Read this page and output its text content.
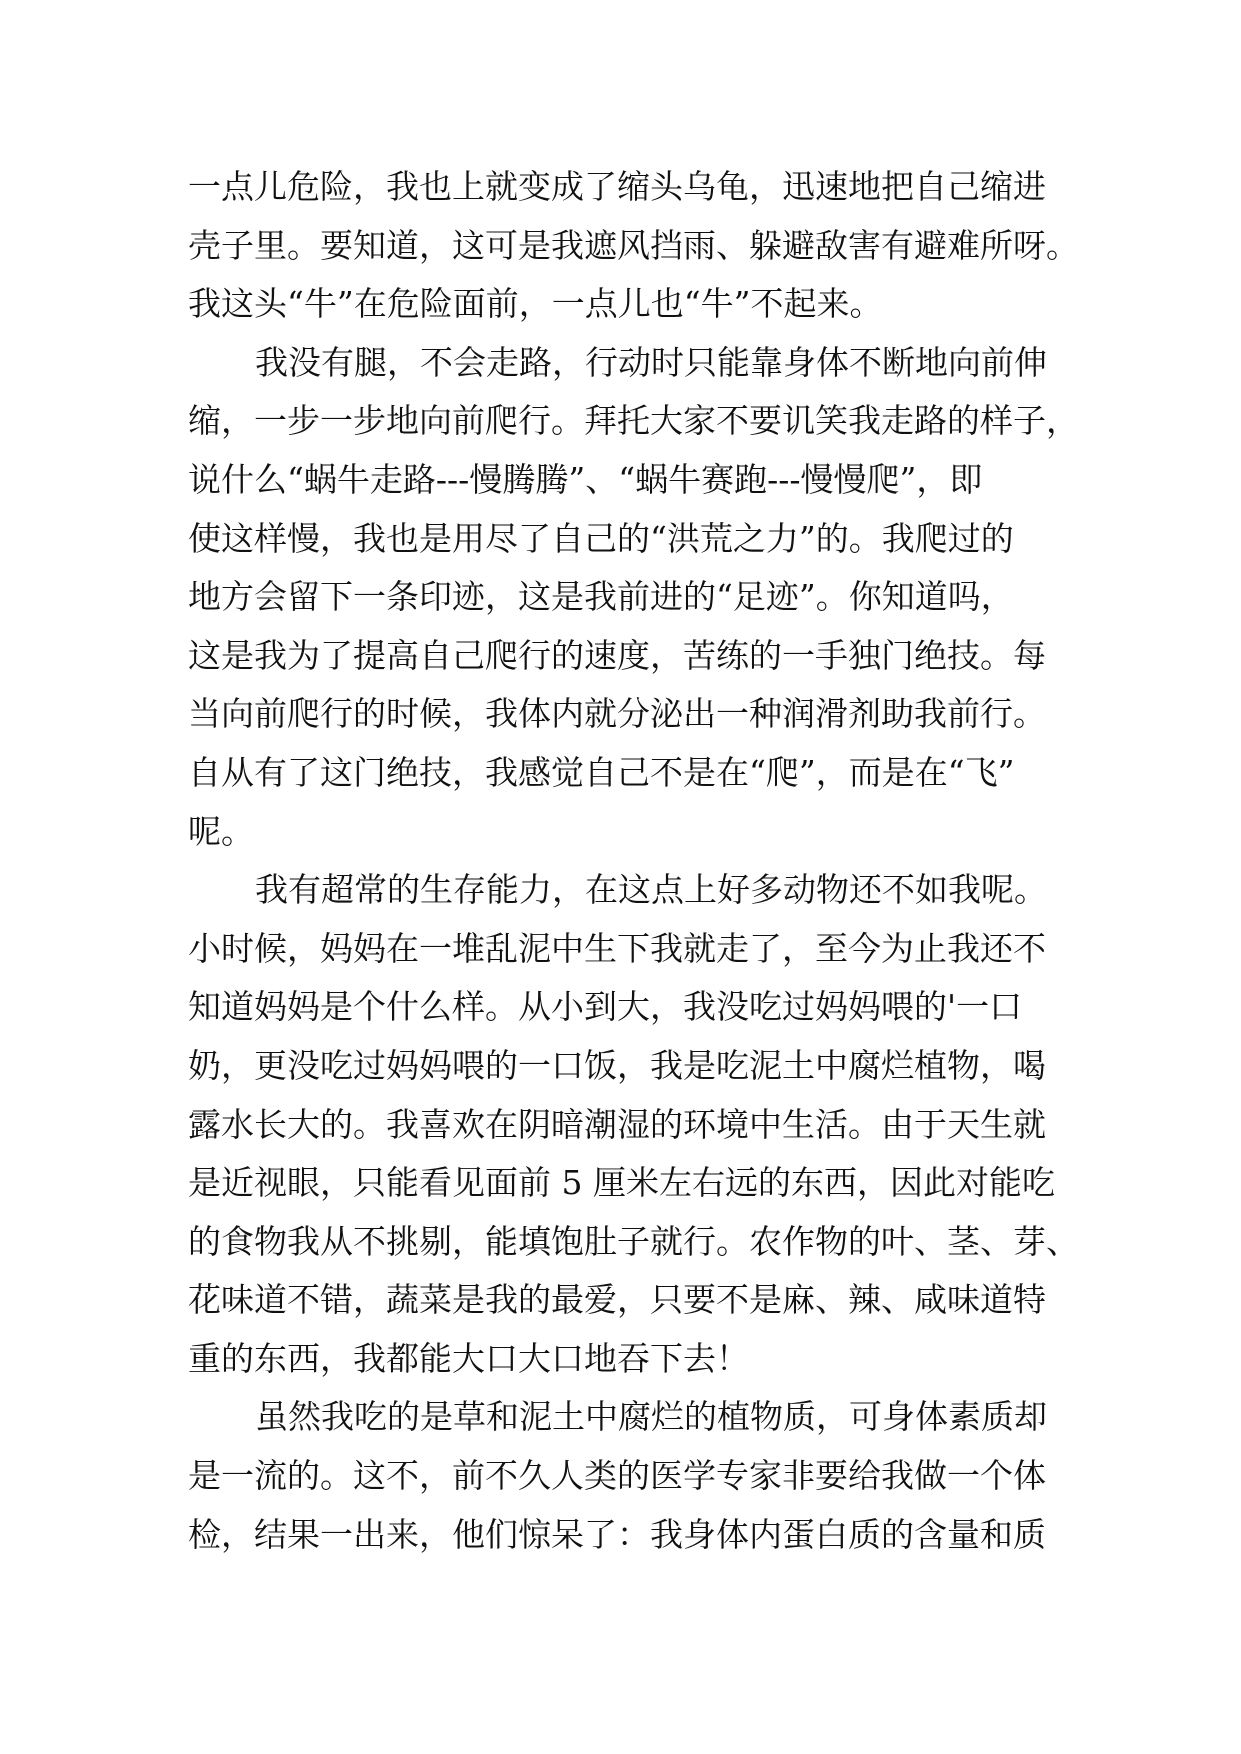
一点儿危险，我也上就变成了缩头乌龟，迅速地把自己缩进
壳子里。要知道，这可是我遮风挡雨、躲避敌害有避难所呀。
我这头“牛”在危险面前，一点儿也“牛”不起来。
我没有腿，不会走路，行动时只能靠身体不断地向前伸
缩，一步一步地向前爬行。拜托大家不要讥笑我走路的样子，
说什么“蜗牛走路---慢腾腾”、“蜗牛赛跑---慢慢爬”，即
使这样慢，我也是用尽了自己的“洪荒之力”的。我爬过的
地方会留下一条印迹，这是我前进的“足迹”。你知道吗，
这是我为了提高自己爬行的速度，苦练的一手独门绝技。每
当向前爬行的时候，我体内就分泌出一种润滑剂助我前行。
自从有了这门绝技，我感觉自己不是在“爬”，而是在“飞”
呢。
我有超常的生存能力，在这点上好多动物还不如我呢。
小时候，妈妈在一堆乱泥中生下我就走了，至今为止我还不
知道妈妈是个什么样。从小到大，我没吃过妈妈喂的'一口
奶，更没吃过妈妈喂的一口饭，我是吃泥土中腐烂植物，喝
露水长大的。我喜欢在阴暗潮湿的环境中生活。由于天生就
是近视眼，只能看见面前 5 厘米左右远的东西，因此对能吃
的食物我从不挑剔，能填饱肚子就行。农作物的叶、茎、芽、
花味道不错，蔬菜是我的最爱，只要不是麻、辣、咸味道特
重的东西，我都能大口大口地吞下去！
虽然我吃的是草和泥土中腐烂的植物质，可身体素质却
是一流的。这不，前不久人类的医学专家非要给我做一个体
检，结果一出来，他们惊呆了：我身体内蛋白质的含量和质
